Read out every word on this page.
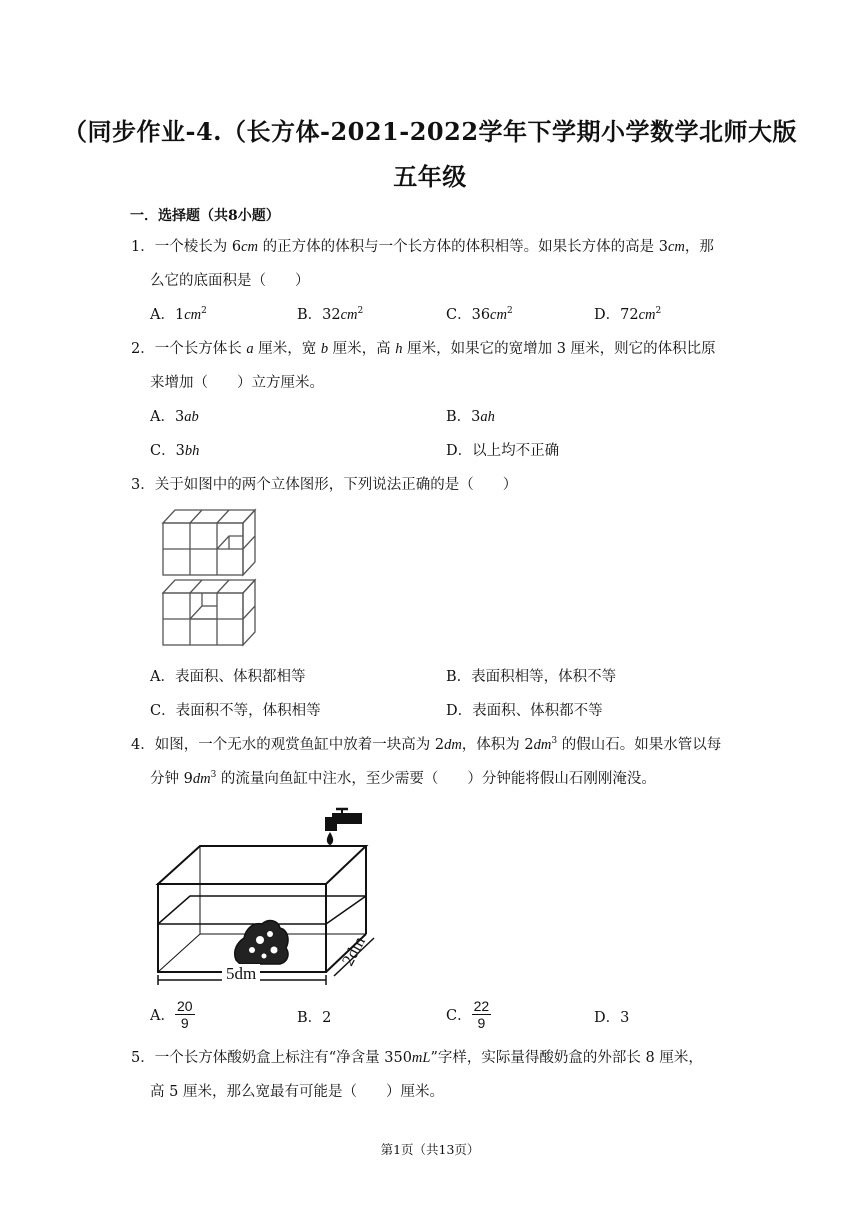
（同步作业-4.（长方体-2021-2022学年下学期小学数学北师大版
五年级
一．选择题（共8小题）
1．一个棱长为 6cm 的正方体的体积与一个长方体的体积相等。如果长方体的高是 3cm，那
么它的底面积是（　　）
A．$1cm^2$	B．$32cm^2$	C．$36cm^2$	D．$72cm^2$
2．一个长方体长 a 厘米，宽 b 厘米，高 h 厘米，如果它的宽增加 3 厘米，则它的体积比原
来增加（　　）立方厘米。
A．3ab	B．3ah
C．3bh	D．以上均不正确
3．关于如图中的两个立体图形，下列说法正确的是（　　）
A．表面积、体积都相等	B．表面积相等，体积不等
C．表面积不等，体积相等	D．表面积、体积都不等
4．如图，一个无水的观赏鱼缸中放着一块高为 2dm，体积为 $2dm^3$ 的假山石。如果水管以每
分钟 $9dm^3$ 的流量向鱼缸中注水，至少需要（　　）分钟能将假山石刚刚淹没。
5dm
2dm
A． $\frac{20}{9}$	B．2	C． $\frac{22}{9}$	D．3
5．一个长方体酸奶盒上标注有“净含量 350mL”字样，实际量得酸奶盒的外部长 8 厘米，
高 5 厘米，那么宽最有可能是（　　）厘米。
第1页（共13页）
